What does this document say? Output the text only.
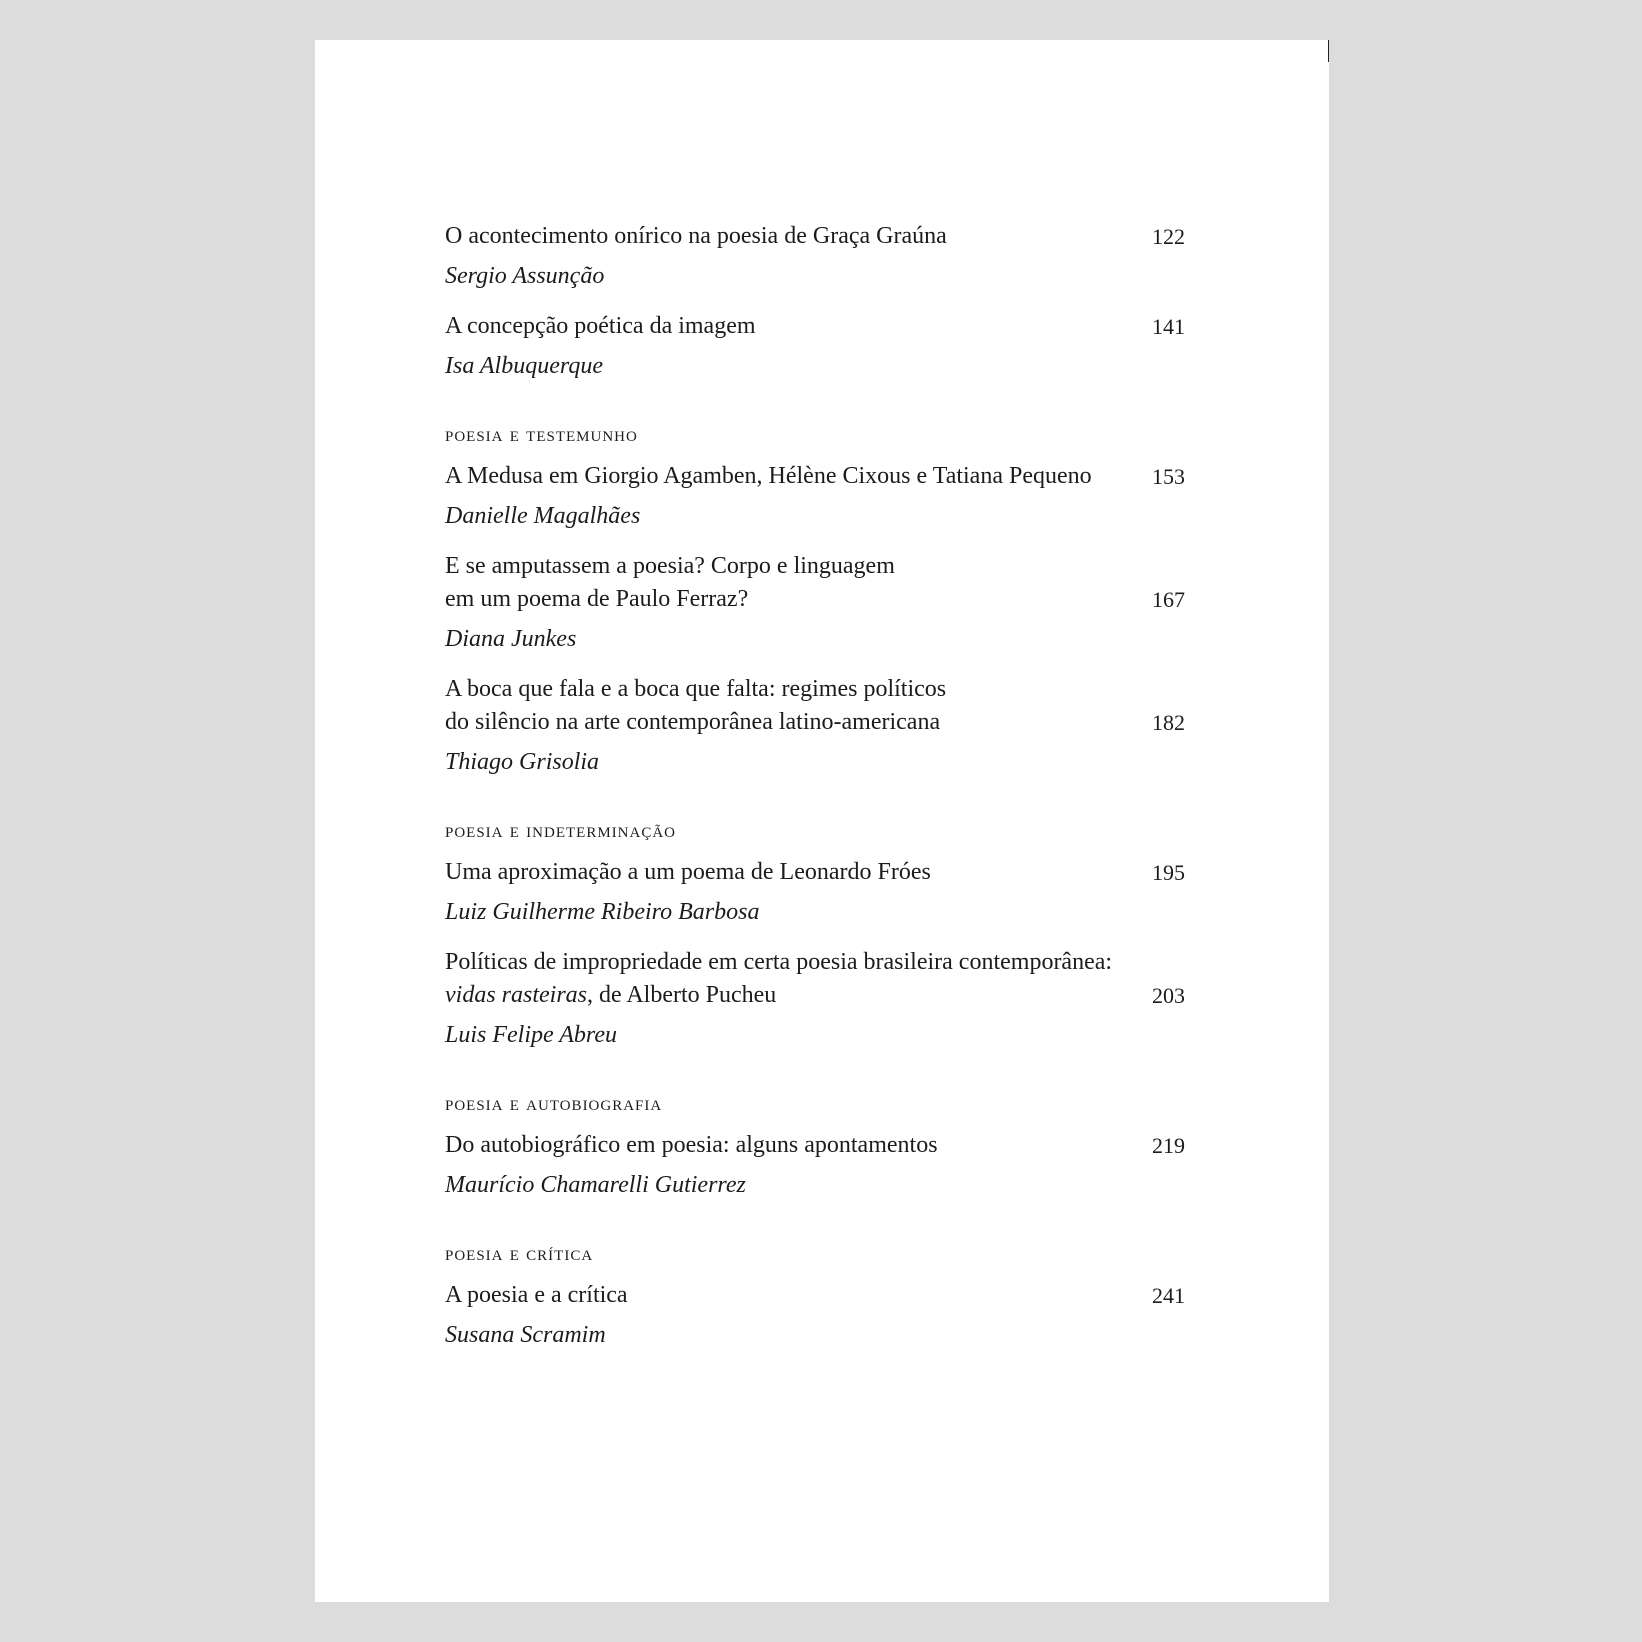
O acontecimento onírico na poesia de Graça Graúna	122
Sergio Assunção
A concepção poética da imagem	141
Isa Albuquerque
poesia e testemunho
A Medusa em Giorgio Agamben, Hélène Cixous e Tatiana Pequeno	153
Danielle Magalhães
E se amputassem a poesia? Corpo e linguagem
em um poema de Paulo Ferraz?	167
Diana Junkes
A boca que fala e a boca que falta: regimes políticos
do silêncio na arte contemporânea latino-americana	182
Thiago Grisolia
poesia e indeterminação
Uma aproximação a um poema de Leonardo Fróes	195
Luiz Guilherme Ribeiro Barbosa
Políticas de impropriedade em certa poesia brasileira contemporânea:
vidas rasteiras, de Alberto Pucheu	203
Luis Felipe Abreu
poesia e autobiografia
Do autobiográfico em poesia: alguns apontamentos	219
Maurício Chamarelli Gutierrez
poesia e crítica
A poesia e a crítica	241
Susana Scramim
